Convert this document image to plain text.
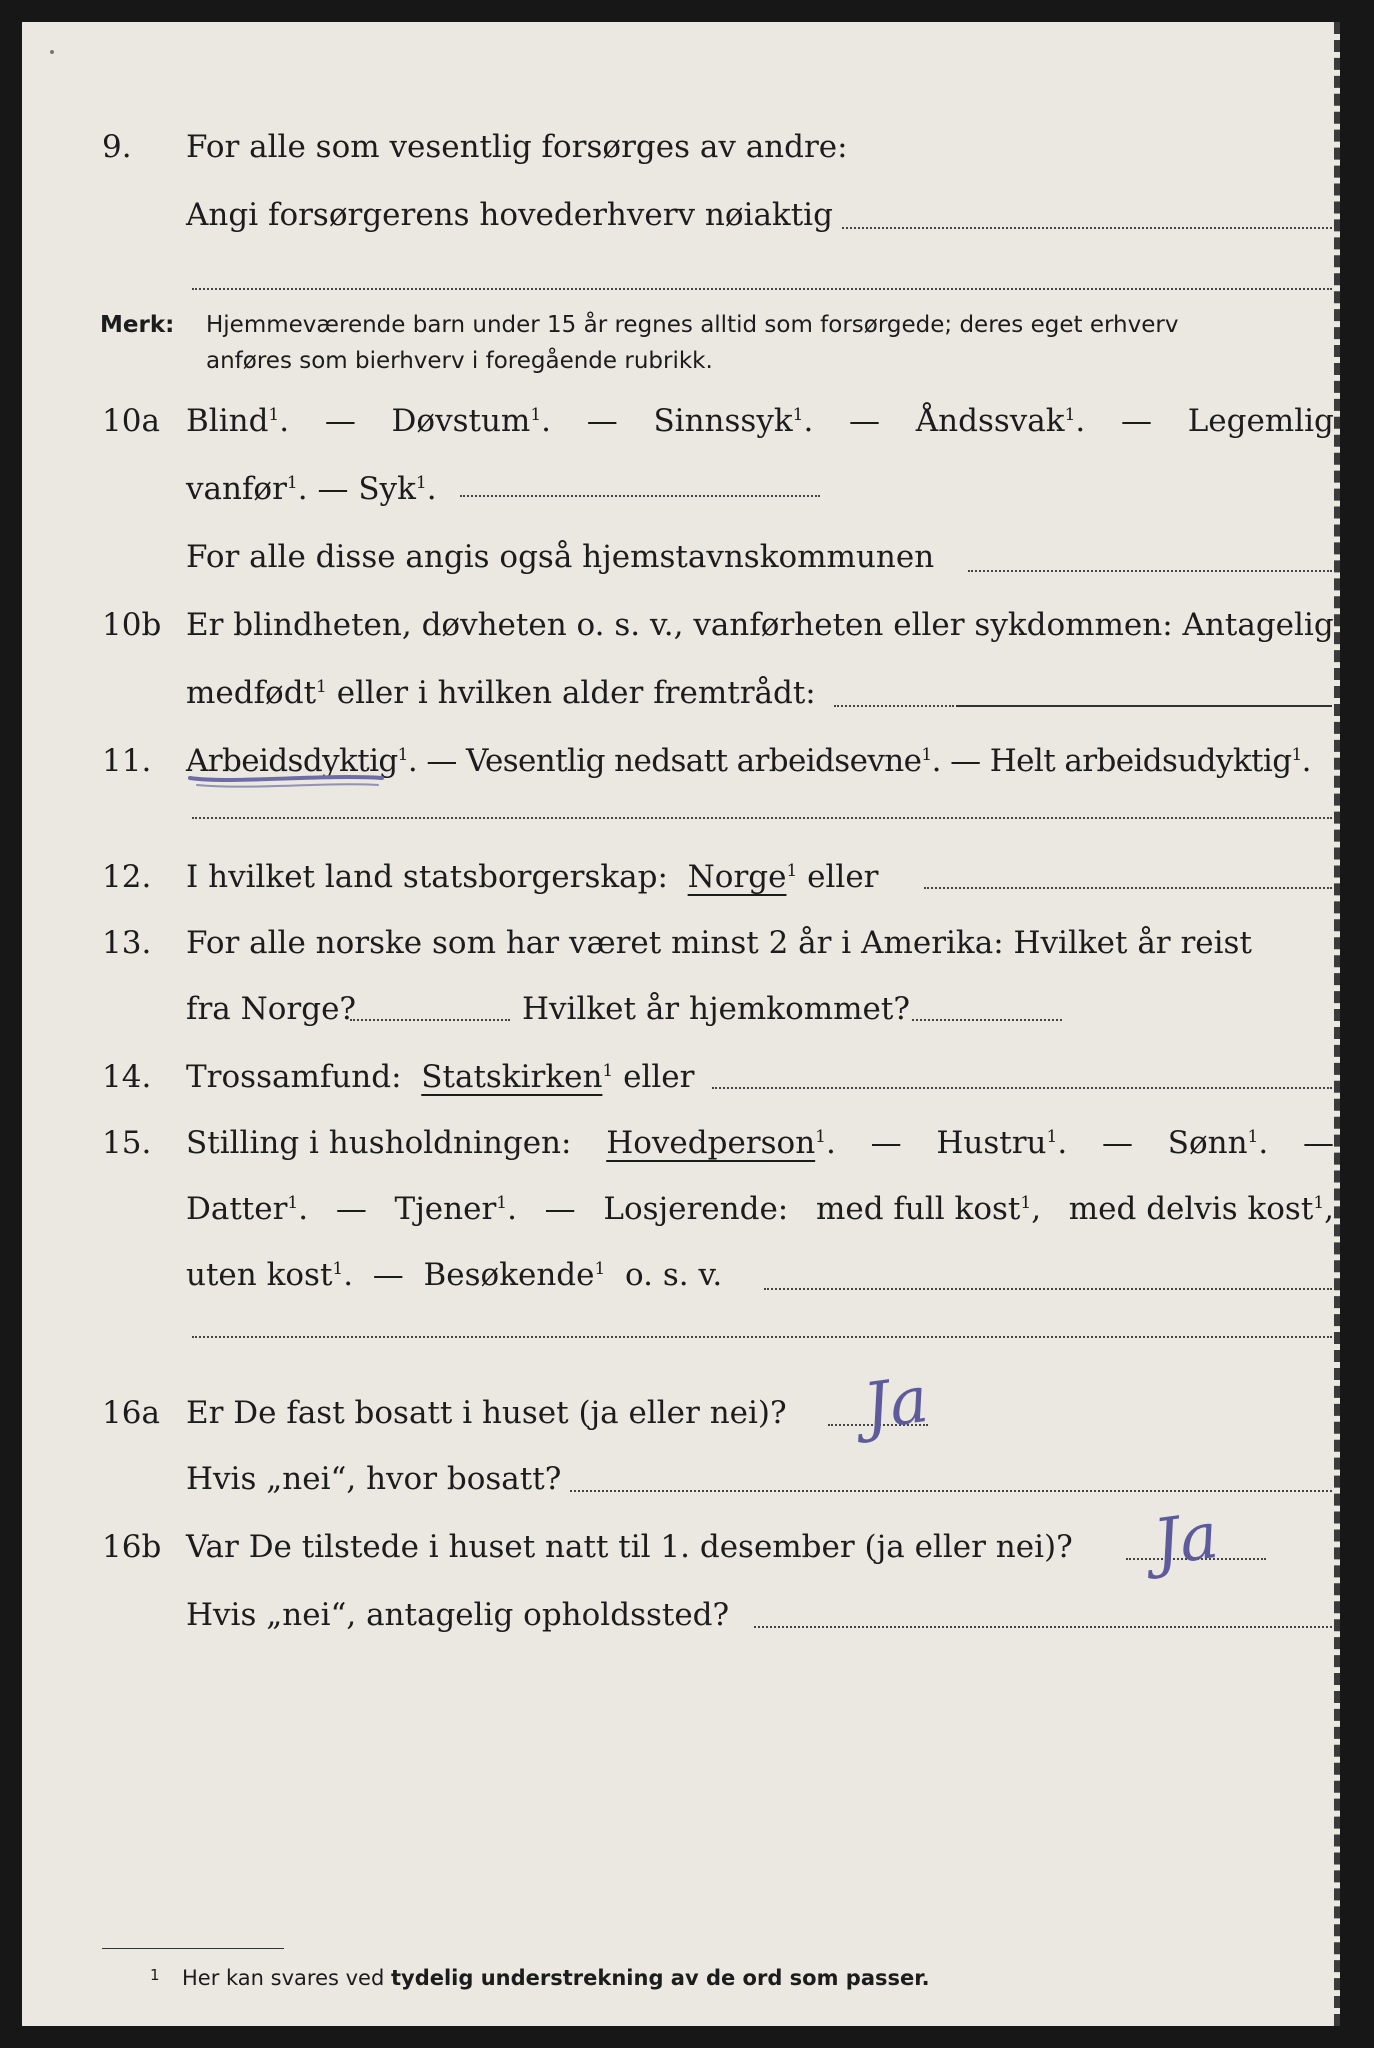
9. For alle som vesentlig forsørges av andre:
Angi forsørgerens hovederhverv nøiaktig
Merk: Hjemmeværende barn under 15 år regnes alltid som forsørgede; deres eget erhverv
anføres som bierhverv i foregående rubrikk.
10a Blind$^1$. — Døvstum$^1$. — Sinnssyk$^1$. — Åndssvak$^1$. — Legemlig
vanfør$^1$. — Syk$^1$.
For alle disse angis også hjemstavnskommunen
10b Er blindheten, døvheten o. s. v., vanførheten eller sykdommen: Antagelig
medfødt$^1$ eller i hvilken alder fremtrådt:
11. Arbeidsdyktig$^1$. — Vesentlig nedsatt arbeidsevne$^1$. — Helt arbeidsudyktig$^1$.
12. I hvilket land statsborgerskap: Norge$^1$ eller
13. For alle norske som har været minst 2 år i Amerika: Hvilket år reist
fra Norge?	Hvilket år hjemkommet?
14. Trossamfund: Statskirken$^1$ eller
15. Stilling i husholdningen: Hovedperson$^1$. — Hustru$^1$. — Sønn$^1$. —
Datter$^1$. — Tjener$^1$. — Losjerende: med full kost$^1$, med delvis kost$^1$,
uten kost$^1$.  —  Besøkende$^1$ o. s. v.
16a Er De fast bosatt i huset (ja eller nei)?
Hvis „nei“, hvor bosatt?
16b Var De tilstede i huset natt til 1. desember (ja eller nei)?
Hvis „nei“, antagelig opholdssted?
Ja
Ja
1 Her kan svares ved tydelig understrekning av de ord som passer.
